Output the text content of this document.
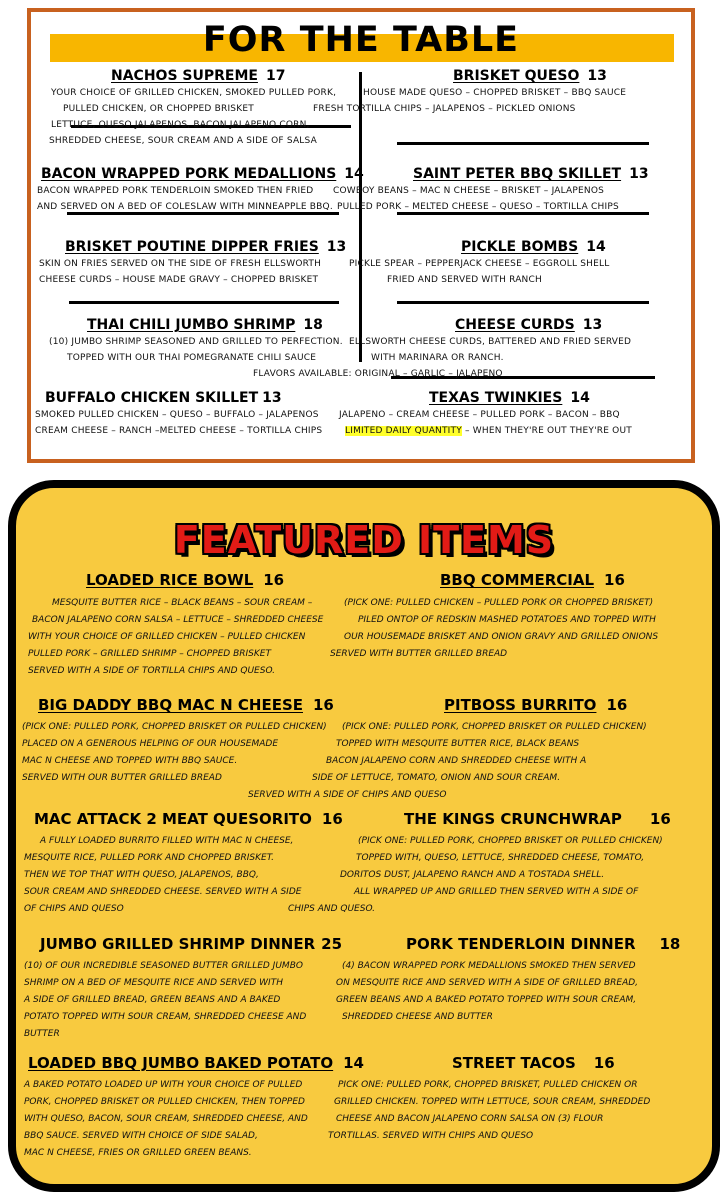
FOR THE TABLE
NACHOS SUPREME 17
YOUR CHOICE OF GRILLED CHICKEN, SMOKED PULLED PORK,
PULLED CHICKEN, OR CHOPPED BRISKET
LETTUCE, QUESO JALAPENOS, BACON JALAPENO CORN,
SHREDDED CHEESE, SOUR CREAM AND A SIDE OF SALSA
BRISKET QUESO 13
HOUSE MADE QUESO – CHOPPED BRISKET – BBQ SAUCE
FRESH TORTILLA CHIPS – JALAPENOS – PICKLED ONIONS
BACON WRAPPED PORK MEDALLIONS 14
BACON WRAPPED PORK TENDERLOIN SMOKED THEN FRIED
AND SERVED ON A BED OF COLESLAW WITH MINNEAPPLE BBQ.
SAINT PETER BBQ SKILLET 13
COWBOY BEANS – MAC N CHEESE – BRISKET – JALAPENOS
PULLED PORK – MELTED CHEESE – QUESO – TORTILLA CHIPS
BRISKET POUTINE DIPPER FRIES 13
SKIN ON FRIES SERVED ON THE SIDE OF FRESH ELLSWORTH
CHEESE CURDS – HOUSE MADE GRAVY – CHOPPED BRISKET
PICKLE BOMBS 14
PICKLE SPEAR – PEPPERJACK CHEESE – EGGROLL SHELL
FRIED AND SERVED WITH RANCH
THAI CHILI JUMBO SHRIMP 18
(10) JUMBO SHRIMP SEASONED AND GRILLED TO PERFECTION.
TOPPED WITH OUR THAI POMEGRANATE CHILI SAUCE
CHEESE CURDS 13
ELLSWORTH CHEESE CURDS, BATTERED AND FRIED SERVED
WITH MARINARA OR RANCH.
FLAVORS AVAILABLE: ORIGINAL – GARLIC – JALAPENO
BUFFALO CHICKEN SKILLET 13
SMOKED PULLED CHICKEN – QUESO – BUFFALO – JALAPENOS
CREAM CHEESE – RANCH –MELTED CHEESE – TORTILLA CHIPS
TEXAS TWINKIES 14
JALAPENO – CREAM CHEESE – PULLED PORK – BACON – BBQ
LIMITED DAILY QUANTITY – WHEN THEY'RE OUT THEY'RE OUT
FEATURED ITEMS
LOADED RICE BOWL 16
MESQUITE BUTTER RICE – BLACK BEANS – SOUR CREAM –
BACON JALAPENO CORN SALSA – LETTUCE – SHREDDED CHEESE
WITH YOUR CHOICE OF GRILLED CHICKEN – PULLED CHICKEN
PULLED PORK – GRILLED SHRIMP – CHOPPED BRISKET
SERVED WITH A SIDE OF TORTILLA CHIPS AND QUESO.
BBQ COMMERCIAL 16
(PICK ONE: PULLED CHICKEN – PULLED PORK OR CHOPPED BRISKET)
PILED ONTOP OF REDSKIN MASHED POTATOES AND TOPPED WITH
OUR HOUSEMADE BRISKET AND ONION GRAVY AND GRILLED ONIONS
SERVED WITH BUTTER GRILLED BREAD
BIG DADDY BBQ MAC N CHEESE 16
(PICK ONE: PULLED PORK, CHOPPED BRISKET OR PULLED CHICKEN)
PLACED ON A GENEROUS HELPING OF OUR HOUSEMADE
MAC N CHEESE AND TOPPED WITH BBQ SAUCE.
SERVED WITH OUR BUTTER GRILLED BREAD
PITBOSS BURRITO 16
(PICK ONE: PULLED PORK, CHOPPED BRISKET OR PULLED CHICKEN)
TOPPED WITH MESQUITE BUTTER RICE, BLACK BEANS
BACON JALAPENO CORN AND SHREDDED CHEESE WITH A
SIDE OF LETTUCE, TOMATO, ONION AND SOUR CREAM.
SERVED WITH A SIDE OF CHIPS AND QUESO
MAC ATTACK 2 MEAT QUESORITO 16
A FULLY LOADED BURRITO FILLED WITH MAC N CHEESE,
MESQUITE RICE, PULLED PORK AND CHOPPED BRISKET.
THEN WE TOP THAT WITH QUESO, JALAPENOS, BBQ,
SOUR CREAM AND SHREDDED CHEESE. SERVED WITH A SIDE
OF CHIPS AND QUESO
THE KINGS CRUNCHWRAP 16
(PICK ONE: PULLED PORK, CHOPPED BRISKET OR PULLED CHICKEN)
TOPPED WITH, QUESO, LETTUCE, SHREDDED CHEESE, TOMATO,
DORITOS DUST, JALAPENO RANCH AND A TOSTADA SHELL.
ALL WRAPPED UP AND GRILLED THEN SERVED WITH A SIDE OF
CHIPS AND QUESO.
JUMBO GRILLED SHRIMP DINNER 25
(10) OF OUR INCREDIBLE SEASONED BUTTER GRILLED JUMBO
SHRIMP ON A BED OF MESQUITE RICE AND SERVED WITH
A SIDE OF GRILLED BREAD, GREEN BEANS AND A BAKED
POTATO TOPPED WITH SOUR CREAM, SHREDDED CHEESE AND
BUTTER
PORK TENDERLOIN DINNER 18
(4) BACON WRAPPED PORK MEDALLIONS SMOKED THEN SERVED
ON MESQUITE RICE AND SERVED WITH A SIDE OF GRILLED BREAD,
GREEN BEANS AND A BAKED POTATO TOPPED WITH SOUR CREAM,
SHREDDED CHEESE AND BUTTER
LOADED BBQ JUMBO BAKED POTATO 14
A BAKED POTATO LOADED UP WITH YOUR CHOICE OF PULLED
PORK, CHOPPED BRISKET OR PULLED CHICKEN, THEN TOPPED
WITH QUESO, BACON, SOUR CREAM, SHREDDED CHEESE, AND
BBQ SAUCE. SERVED WITH CHOICE OF SIDE SALAD,
MAC N CHEESE, FRIES OR GRILLED GREEN BEANS.
STREET TACOS 16
PICK ONE: PULLED PORK, CHOPPED BRISKET, PULLED CHICKEN OR
GRILLED CHICKEN. TOPPED WITH LETTUCE, SOUR CREAM, SHREDDED
CHEESE AND BACON JALAPENO CORN SALSA ON (3) FLOUR
TORTILLAS. SERVED WITH CHIPS AND QUESO
